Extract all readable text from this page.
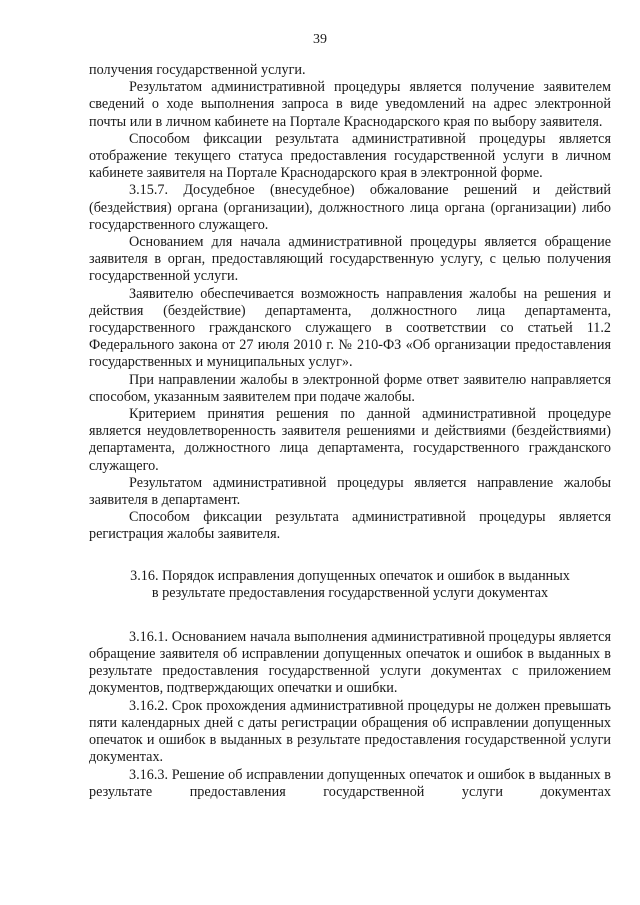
39

получения государственной услуги.

Результатом административной процедуры является получение заявителем сведений о ходе выполнения запроса в виде уведомлений на адрес электронной почты или в личном кабинете на Портале Краснодарского края по выбору заявителя.

Способом фиксации результата административной процедуры является отображение текущего статуса предоставления государственной услуги в личном кабинете заявителя на Портале Краснодарского края в электронной форме.

3.15.7. Досудебное (внесудебное) обжалование решений и действий (бездействия) органа (организации), должностного лица органа (организации) либо государственного служащего.

Основанием для начала административной процедуры является обращение заявителя в орган, предоставляющий государственную услугу, с целью получения государственной услуги.

Заявителю обеспечивается возможность направления жалобы на решения и действия (бездействие) департамента, должностного лица департамента, государственного гражданского служащего в соответствии со статьей 11.2 Федерального закона от 27 июля 2010 г. № 210-ФЗ «Об организации предоставления государственных и муниципальных услуг».

При направлении жалобы в электронной форме ответ заявителю направляется способом, указанным заявителем при подаче жалобы.

Критерием принятия решения по данной административной процедуре является неудовлетворенность заявителя решениями и действиями (бездействиями) департамента, должностного лица департамента, государственного гражданского служащего.

Результатом административной процедуры является направление жалобы заявителя в департамент.

Способом фиксации результата административной процедуры является регистрация жалобы заявителя.

3.16. Порядок исправления допущенных опечаток и ошибок в выданных
в результате предоставления государственной услуги документах

3.16.1. Основанием начала выполнения административной процедуры является обращение заявителя об исправлении допущенных опечаток и ошибок в выданных в результате предоставления государственной услуги документах с приложением документов, подтверждающих опечатки и ошибки.

3.16.2. Срок прохождения административной процедуры не должен превышать пяти календарных дней с даты регистрации обращения об исправлении допущенных опечаток и ошибок в выданных в результате предоставления государственной услуги документах.

3.16.3. Решение об исправлении допущенных опечаток и ошибок в выданных в результате предоставления государственной услуги документах
